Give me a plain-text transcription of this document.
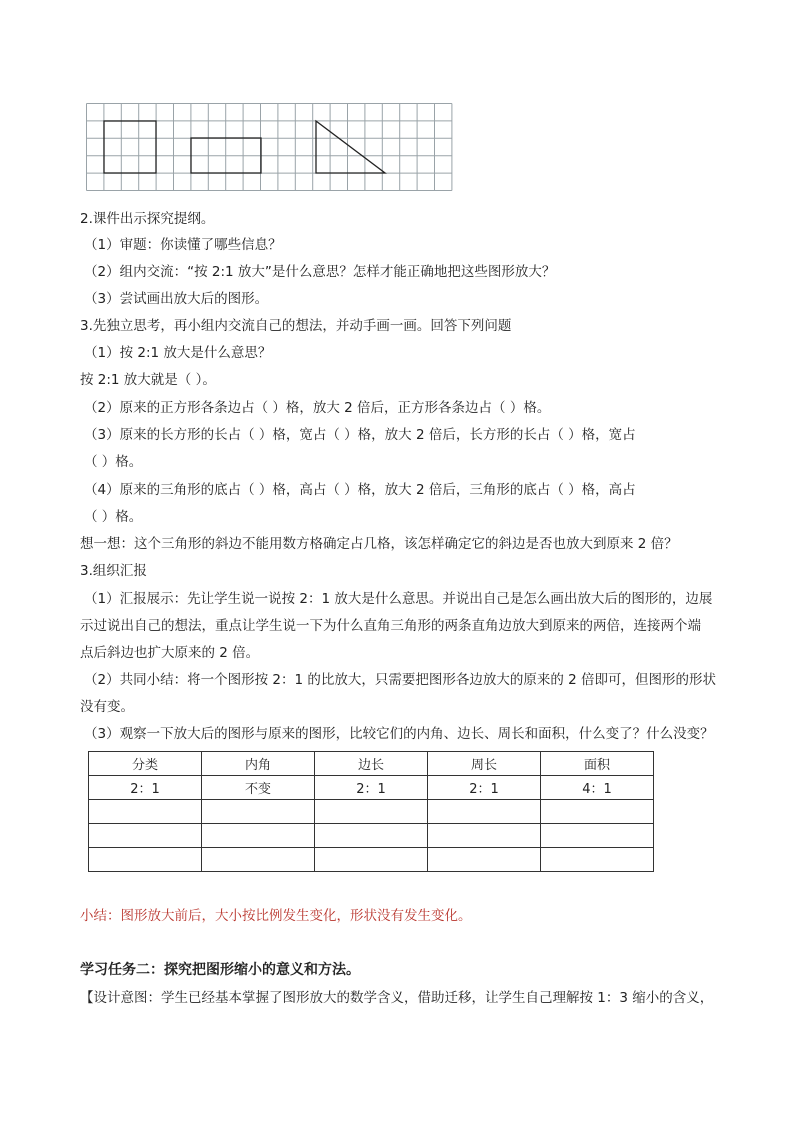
2.课件出示探究提纲。
（1）审题：你读懂了哪些信息？
（2）组内交流：“按 2:1 放大”是什么意思？怎样才能正确地把这些图形放大？
（3）尝试画出放大后的图形。
3.先独立思考，再小组内交流自己的想法，并动手画一画。回答下列问题
（1）按 2:1 放大是什么意思？
按 2:1 放大就是（ ）。
（2）原来的正方形各条边占（ ）格，放大 2 倍后，正方形各条边占（ ）格。
（3）原来的长方形的长占（ ）格，宽占（ ）格，放大 2 倍后，长方形的长占（ ）格，宽占
（ ）格。
（4）原来的三角形的底占（ ）格，高占（ ）格，放大 2 倍后，三角形的底占（ ）格，高占
（ ）格。
想一想：这个三角形的斜边不能用数方格确定占几格，该怎样确定它的斜边是否也放大到原来 2 倍？
3.组织汇报
（1）汇报展示：先让学生说一说按 2：1 放大是什么意思。并说出自己是怎么画出放大后的图形的，边展
示过说出自己的想法，重点让学生说一下为什么直角三角形的两条直角边放大到原来的两倍，连接两个端
点后斜边也扩大原来的 2 倍。
（2）共同小结：将一个图形按 2：1 的比放大，只需要把图形各边放大的原来的 2 倍即可，但图形的形状
没有变。
（3）观察一下放大后的图形与原来的图形，比较它们的内角、边长、周长和面积，什么变了？什么没变？
分类	内角	边长	周长	面积
2：1	不变	2：1	2：1	4：1

小结：图形放大前后，大小按比例发生变化，形状没有发生变化。
学习任务二：探究把图形缩小的意义和方法。
【设计意图：学生已经基本掌握了图形放大的数学含义，借助迁移，让学生自己理解按 1：3 缩小的含义，
